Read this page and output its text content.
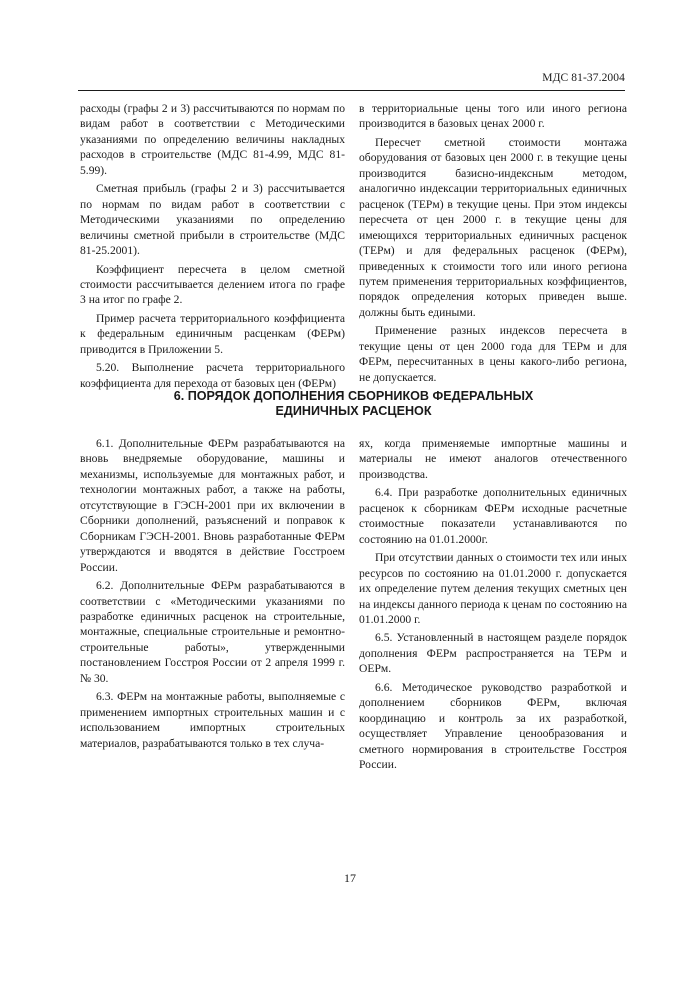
МДС 81-37.2004

расходы (графы 2 и 3) рассчитываются по нормам по видам работ в соответствии с Методическими указаниями по определению величины накладных расходов в строительстве (МДС 81-4.99, МДС 81-5.99).

Сметная прибыль (графы 2 и 3) рассчитывается по нормам по видам работ в соответствии с Методическими указаниями по определению величины сметной прибыли в строительстве (МДС 81-25.2001).

Коэффициент пересчета в целом сметной стоимости рассчитывается делением итога по графе 3 на итог по графе 2.

Пример расчета территориального коэффициента к федеральным единичным расценкам (ФЕРм) приводится в Приложении 5.

5.20. Выполнение расчета территориального коэффициента для перехода от базовых цен (ФЕРм)

в территориальные цены того или иного региона производится в базовых ценах 2000 г.

Пересчет сметной стоимости монтажа оборудования от базовых цен 2000 г. в текущие цены производится базисно-индексным методом, аналогично индексации территориальных единичных расценок (ТЕРм) в текущие цены. При этом индексы пересчета от цен 2000 г. в текущие цены для имеющихся территориальных единичных расценок (ТЕРм) и для федеральных расценок (ФЕРм), приведенных к стоимости того или иного региона путем применения территориальных коэффициентов, порядок определения которых приведен выше. должны быть едиными.

Применение разных индексов пересчета в текущие цены от цен 2000 года для ТЕРм и для ФЕРм, пересчитанных в цены какого-либо региона, не допускается.

6. ПОРЯДОК ДОПОЛНЕНИЯ СБОРНИКОВ ФЕДЕРАЛЬНЫХ
ЕДИНИЧНЫХ РАСЦЕНОК

6.1. Дополнительные ФЕРм разрабатываются на вновь внедряемые оборудование, машины и механизмы, используемые для монтажных работ, и технологии монтажных работ, а также на работы, отсутствующие в ГЭСН-2001 при их включении в Сборники дополнений, разъяснений и поправок к Сборникам ГЭСН-2001. Вновь разработанные ФЕРм утверждаются и вводятся в действие Госстроем России.

6.2. Дополнительные ФЕРм разрабатываются в соответствии с «Методическими указаниями по разработке единичных расценок на строительные, монтажные, специальные строительные и ремонтно-строительные работы», утвержденными постановлением Госстроя России от 2 апреля 1999 г. № 30.

6.3. ФЕРм на монтажные работы, выполняемые с применением импортных строительных машин и с использованием импортных строительных материалов, разрабатываются только в тех случа-

ях, когда применяемые импортные машины и материалы не имеют аналогов отечественного производства.

6.4. При разработке дополнительных единичных расценок к сборникам ФЕРм исходные расчетные стоимостные показатели устанавливаются по состоянию на 01.01.2000г.

При отсутствии данных о стоимости тех или иных ресурсов по состоянию на 01.01.2000 г. допускается их определение путем деления текущих сметных цен на индексы данного периода к ценам по состоянию на 01.01.2000 г.

6.5. Установленный в настоящем разделе порядок дополнения ФЕРм распространяется на ТЕРм и ОЕРм.

6.6. Методическое руководство разработкой и дополнением сборников ФЕРм, включая координацию и контроль за их разработкой, осуществляет Управление ценообразования и сметного нормирования в строительстве Госстроя России.

17
